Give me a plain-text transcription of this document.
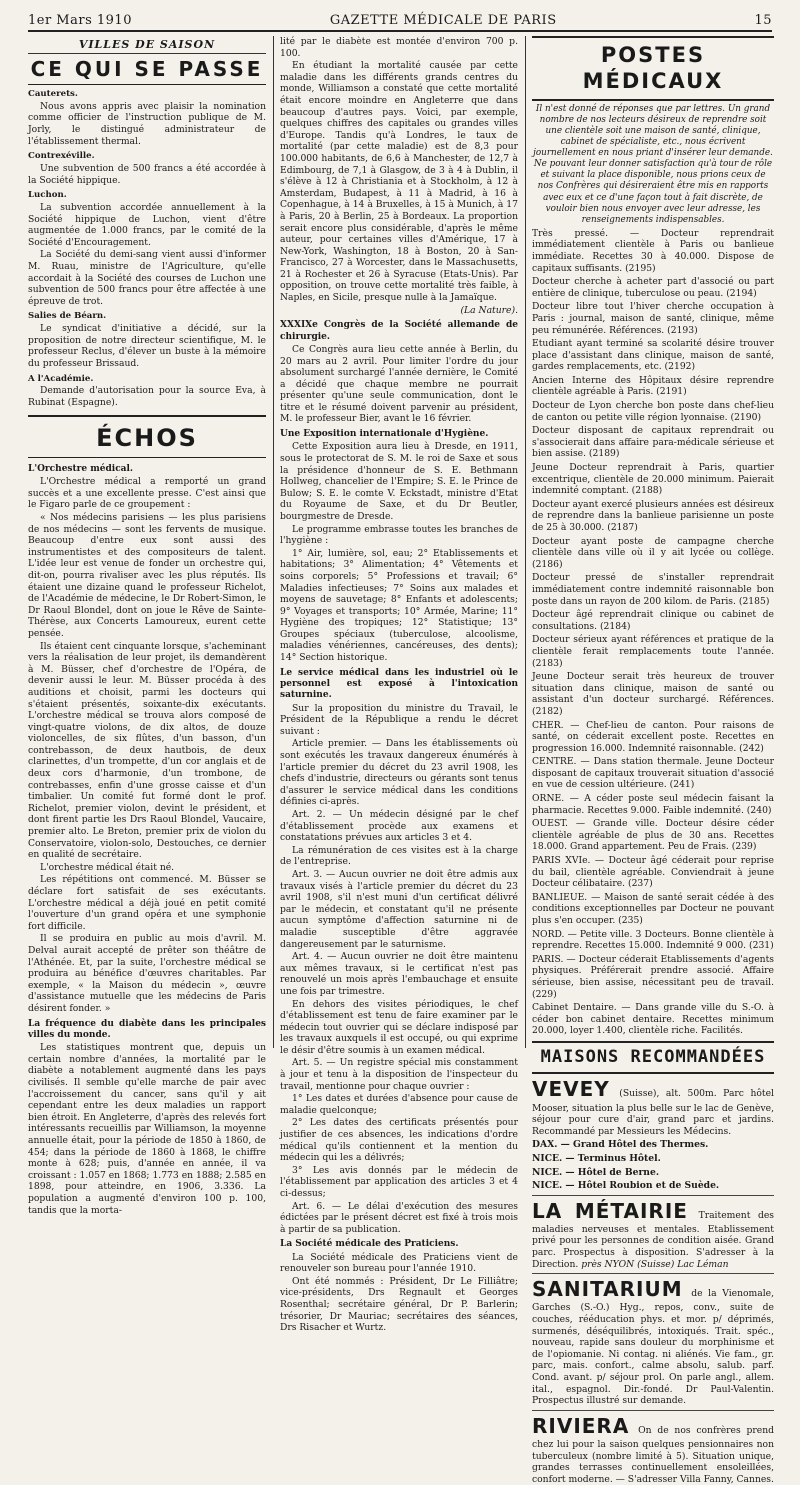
1er Mars 1910	GAZETTE MÉDICALE DE PARIS	15
VILLES DE SAISON
CE QUI SE PASSE
Cauterets.

Nous avons appris avec plaisir la nomination comme officier de l'instruction publique de M. Jorly, le distingué administrateur de l'établissement thermal.

Contrexéville.

Une subvention de 500 francs a été accordée à la Société hippique.

Luchon.

La subvention accordée annuellement à la Société hippique de Luchon, vient d'être augmentée de 1.000 francs, par le comité de la Société d'Encouragement.

La Société du demi-sang vient aussi d'informer M. Ruau, ministre de l'Agriculture, qu'elle accordait à la Société des courses de Luchon une subvention de 500 francs pour être affectée à une épreuve de trot.

Salies de Béarn.

Le syndicat d'initiative a décidé, sur la proposition de notre directeur scientifique, M. le professeur Reclus, d'élever un buste à la mémoire du professeur Brissaud.

A l'Académie.

Demande d'autorisation pour la source Eva, à Rubinat (Espagne).

ÉCHOS
L'Orchestre médical.

L'Orchestre médical a remporté un grand succès et a une excellente presse. C'est ainsi que le Figaro parle de ce groupement :

« Nos médecins parisiens — les plus parisiens de nos médecins — sont les fervents de musique. Beaucoup d'entre eux sont aussi des instrumentistes et des compositeurs de talent. L'idée leur est venue de fonder un orchestre qui, dit-on, pourra rivaliser avec les plus réputés. Ils étaient une dizaine quand le professeur Richelot, de l'Académie de médecine, le Dr Robert-Simon, le Dr Raoul Blondel, dont on joue le Rêve de Sainte-Thérèse, aux Concerts Lamoureux, eurent cette pensée.

Ils étaient cent cinquante lorsque, s'acheminant vers la réalisation de leur projet, ils demandèrent à M. Büsser, chef d'orchestre de l'Opéra, de devenir aussi le leur. M. Büsser procéda à des auditions et choisit, parmi les docteurs qui s'étaient présentés, soixante-dix exécutants. L'orchestre médical se trouva alors composé de vingt-quatre violons, de dix altos, de douze violoncelles, de six flûtes, d'un basson, d'un contrebasson, de deux hautbois, de deux clarinettes, d'un trompette, d'un cor anglais et de deux cors d'harmonie, d'un trombone, de contrebasses, enfin d'une grosse caisse et d'un timbalier. Un comité fut formé dont le prof. Richelot, premier violon, devint le président, et dont firent partie les Drs Raoul Blondel, Vaucaire, premier alto. Le Breton, premier prix de violon du Conservatoire, violon-solo, Destouches, ce dernier en qualité de secrétaire.

L'orchestre médical était né.

Les répétitions ont commencé. M. Büsser se déclare fort satisfait de ses exécutants. L'orchestre médical a déjà joué en petit comité l'ouverture d'un grand opéra et une symphonie fort difficile.

Il se produira en public au mois d'avril. M. Delval aurait accepté de prêter son théâtre de l'Athénée. Et, par la suite, l'orchestre médical se produira au bénéfice d'œuvres charitables. Par exemple, « la Maison du médecin », œuvre d'assistance mutuelle que les médecins de Paris désirent fonder. »

La fréquence du diabète dans les principales villes du monde.

Les statistiques montrent que, depuis un certain nombre d'années, la mortalité par le diabète a notablement augmenté dans les pays civilisés. Il semble qu'elle marche de pair avec l'accroissement du cancer, sans qu'il y ait cependant entre les deux maladies un rapport bien étroit. En Angleterre, d'après des relevés fort intéressants recueillis par Williamson, la moyenne annuelle était, pour la période de 1850 à 1860, de 454; dans la période de 1860 à 1868, le chiffre monte à 628; puis, d'année en année, il va croissant : 1.057 en 1868; 1.773 en 1888; 2.585 en 1898, pour atteindre, en 1906, 3.336. La population a augmenté d'environ 100 p. 100, tandis que la morta-

lité par le diabète est montée d'environ 700 p. 100.

En étudiant la mortalité causée par cette maladie dans les différents grands centres du monde, Williamson a constaté que cette mortalité était encore moindre en Angleterre que dans beaucoup d'autres pays. Voici, par exemple, quelques chiffres des capitales ou grandes villes d'Europe. Tandis qu'à Londres, le taux de mortalité (par cette maladie) est de 8,3 pour 100.000 habitants, de 6,6 à Manchester, de 12,7 à Edimbourg, de 7,1 à Glasgow, de 3 à 4 à Dublin, il s'élève à 12 à Christiania et à Stockholm, à 12 à Amsterdam, Budapest, à 11 à Madrid, à 16 à Copenhague, à 14 à Bruxelles, à 15 à Munich, à 17 à Paris, 20 à Berlin, 25 à Bordeaux. La proportion serait encore plus considérable, d'après le même auteur, pour certaines villes d'Amérique, 17 à New-York, Washington, 18 à Boston, 20 à San-Francisco, 27 à Worcester, dans le Massachusetts, 21 à Rochester et 26 à Syracuse (Etats-Unis). Par opposition, on trouve cette mortalité très faible, à Naples, en Sicile, presque nulle à la Jamaïque.

(La Nature).

XXXIXe Congrès de la Société allemande de chirurgie.

Ce Congrès aura lieu cette année à Berlin, du 20 mars au 2 avril. Pour limiter l'ordre du jour absolument surchargé l'année dernière, le Comité a décidé que chaque membre ne pourrait présenter qu'une seule communication, dont le titre et le résumé doivent parvenir au président, M. le professeur Bier, avant le 16 février.

Une Exposition internationale d'Hygiène.

Cette Exposition aura lieu à Dresde, en 1911, sous le protectorat de S. M. le roi de Saxe et sous la présidence d'honneur de S. E. Bethmann Hollweg, chancelier de l'Empire; S. E. le Prince de Bulow; S. E. le comte V. Eckstadt, ministre d'Etat du Royaume de Saxe, et du Dr Beutler, bourgmestre de Dresde.

Le programme embrasse toutes les branches de l'hygiène :

1° Air, lumière, sol, eau; 2° Etablissements et habitations; 3° Alimentation; 4° Vêtements et soins corporels; 5° Professions et travail; 6° Maladies infectieuses; 7° Soins aux malades et moyens de sauvetage; 8° Enfants et adolescents; 9° Voyages et transports; 10° Armée, Marine; 11° Hygiène des tropiques; 12° Statistique; 13° Groupes spéciaux (tuberculose, alcoolisme, maladies vénériennes, cancéreuses, des dents); 14° Section historique.

Le service médical dans les industriel où le personnel est exposé à l'intoxication saturnine.

Sur la proposition du ministre du Travail, le Président de la République a rendu le décret suivant :

Article premier. — Dans les établissements où sont exécutés les travaux dangereux énumérés à l'article premier du décret du 23 avril 1908, les chefs d'industrie, directeurs ou gérants sont tenus d'assurer le service médical dans les conditions définies ci-après.

Art. 2. — Un médecin désigné par le chef d'établissement procède aux examens et constatations prévues aux articles 3 et 4.

La rémunération de ces visites est à la charge de l'entreprise.

Art. 3. — Aucun ouvrier ne doit être admis aux travaux visés à l'article premier du décret du 23 avril 1908, s'il n'est muni d'un certificat délivré par le médecin, et constatant qu'il ne présente aucun symptôme d'affection saturnine ni de maladie susceptible d'être aggravée dangereusement par le saturnisme.

Art. 4. — Aucun ouvrier ne doit être maintenu aux mêmes travaux, si le certificat n'est pas renouvelé un mois après l'embauchage et ensuite une fois par trimestre.

En dehors des visites périodiques, le chef d'établissement est tenu de faire examiner par le médecin tout ouvrier qui se déclare indisposé par les travaux auxquels il est occupé, ou qui exprime le désir d'être soumis à un examen médical.

Art. 5. — Un registre spécial mis constamment à jour et tenu à la disposition de l'inspecteur du travail, mentionne pour chaque ouvrier :

1° Les dates et durées d'absence pour cause de maladie quelconque;

2° Les dates des certificats présentés pour justifier de ces absences, les indications d'ordre médical qu'ils contiennent et la mention du médecin qui les a délivrés;

3° Les avis donnés par le médecin de l'établissement par application des articles 3 et 4 ci-dessus;

Art. 6. — Le délai d'exécution des mesures édictées par le présent décret est fixé à trois mois à partir de sa publication.

La Société médicale des Praticiens.

La Société médicale des Praticiens vient de renouveler son bureau pour l'année 1910.

Ont été nommés : Président, Dr Le Filliâtre; vice-présidents, Drs Regnault et Georges Rosenthal; secrétaire général, Dr P. Barlerin; trésorier, Dr Mauriac; secrétaires des séances, Drs Risacher et Wurtz.

POSTES MÉDICAUX

Il n'est donné de réponses que par lettres. Un grand nombre de nos lecteurs désireux de reprendre soit une clientèle soit une maison de santé, clinique, cabinet de spécialiste, etc., nous écrivent journellement en nous priant d'insérer leur demande. Ne pouvant leur donner satisfaction qu'à tour de rôle et suivant la place disponible, nous prions ceux de nos Confrères qui désireraient être mis en rapports avec eux et ce d'une façon tout à fait discrète, de vouloir bien nous envoyer avec leur adresse, les renseignements indispensables.

Très pressé. — Docteur reprendrait immédiatement clientèle à Paris ou banlieue immédiate. Recettes 30 à 40.000. Dispose de capitaux suffisants. (2195)

Docteur cherche à acheter part d'associé ou part entière de clinique, tuberculose ou peau. (2194)

Docteur libre tout l'hiver cherche occupation à Paris : journal, maison de santé, clinique, même peu rémunérée. Références. (2193)

Etudiant ayant terminé sa scolarité désire trouver place d'assistant dans clinique, maison de santé, gardes remplacements, etc. (2192)

Ancien Interne des Hôpitaux désire reprendre clientèle agréable à Paris. (2191)

Docteur de Lyon cherche bon poste dans chef-lieu de canton ou petite ville région lyonnaise. (2190)

Docteur disposant de capitaux reprendrait ou s'associerait dans affaire para-médicale sérieuse et bien assise. (2189)

Jeune Docteur reprendrait à Paris, quartier excentrique, clientèle de 20.000 minimum. Paierait indemnité comptant. (2188)

Docteur ayant exercé plusieurs années est désireux de reprendre dans la banlieue parisienne un poste de 25 à 30.000. (2187)

Docteur ayant poste de campagne cherche clientèle dans ville où il y ait lycée ou collège. (2186)

Docteur pressé de s'installer reprendrait immédiatement contre indemnité raisonnable bon poste dans un rayon de 200 kilom. de Paris. (2185)

Docteur âgé reprendrait clinique ou cabinet de consultations. (2184)

Docteur sérieux ayant références et pratique de la clientèle ferait remplacements toute l'année. (2183)

Jeune Docteur serait très heureux de trouver situation dans clinique, maison de santé ou assistant d'un docteur surchargé. Références. (2182)

CHER. — Chef-lieu de canton. Pour raisons de santé, on céderait excellent poste. Recettes en progression 16.000. Indemnité raisonnable. (242)

CENTRE. — Dans station thermale. Jeune Docteur disposant de capitaux trouverait situation d'associé en vue de cession ultérieure. (241)

ORNE. — A céder poste seul médecin faisant la pharmacie. Recettes 9.000. Faible indemnité. (240)

OUEST. — Grande ville. Docteur désire céder clientèle agréable de plus de 30 ans. Recettes 18.000. Grand appartement. Peu de Frais. (239)

PARIS XVIe. — Docteur âgé céderait pour reprise du bail, clientèle agréable. Conviendrait à jeune Docteur célibataire. (237)

BANLIEUE. — Maison de santé serait cédée à des conditions exceptionnelles par Docteur ne pouvant plus s'en occuper. (235)

NORD. — Petite ville. 3 Docteurs. Bonne clientèle à reprendre. Recettes 15.000. Indemnité 9 000. (231)

PARIS. — Docteur céderait Etablissements d'agents physiques. Préférerait prendre associé. Affaire sérieuse, bien assise, nécessitant peu de travail. (229)

Cabinet Dentaire. — Dans grande ville du S.-O. à céder bon cabinet dentaire. Recettes minimum 20.000, loyer 1.400, clientèle riche. Facilités.

MAISONS RECOMMANDÉES

VEVEY (Suisse), alt. 500m. Parc hôtel Mooser, situation la plus belle sur le lac de Genève, séjour pour cure d'air, grand parc et jardins. Recommandé par Messieurs les Médecins.

DAX. — Grand Hôtel des Thermes.

NICE. — Terminus Hôtel.

NICE. — Hôtel de Berne.

NICE. — Hôtel Roubion et de Suède.

LA MÉTAIRIE Traitement des maladies nerveuses et mentales. Etablissement privé pour les personnes de condition aisée. Grand parc. Prospectus à disposition. S'adresser à la Direction. près NYON (Suisse) Lac Léman

SANITARIUM de la Vienomale, Garches (S.-O.) Hyg., repos, conv., suite de couches, rééducation phys. et mor. p/ déprimés, surmenés, déséquilibrés, intoxiqués. Trait. spéc., nouveau, rapide sans douleur du morphinisme et de l'opiomanie. Ni contag. ni aliénés. Vie fam., gr. parc, mais. confort., calme absolu, salub. parf. Cond. avant. p/ séjour prol. On parle angl., allem. ital., espagnol. Dir.-fondé. Dr Paul-Valentin. Prospectus illustré sur demande.

RIVIERA On de nos confrères prend chez lui pour la saison quelques pensionnaires non tuberculeux (nombre limité à 5). Situation unique, grandes terrasses continuellement ensoleillées, confort moderne. — S'adresser Villa Fanny, Cannes.
